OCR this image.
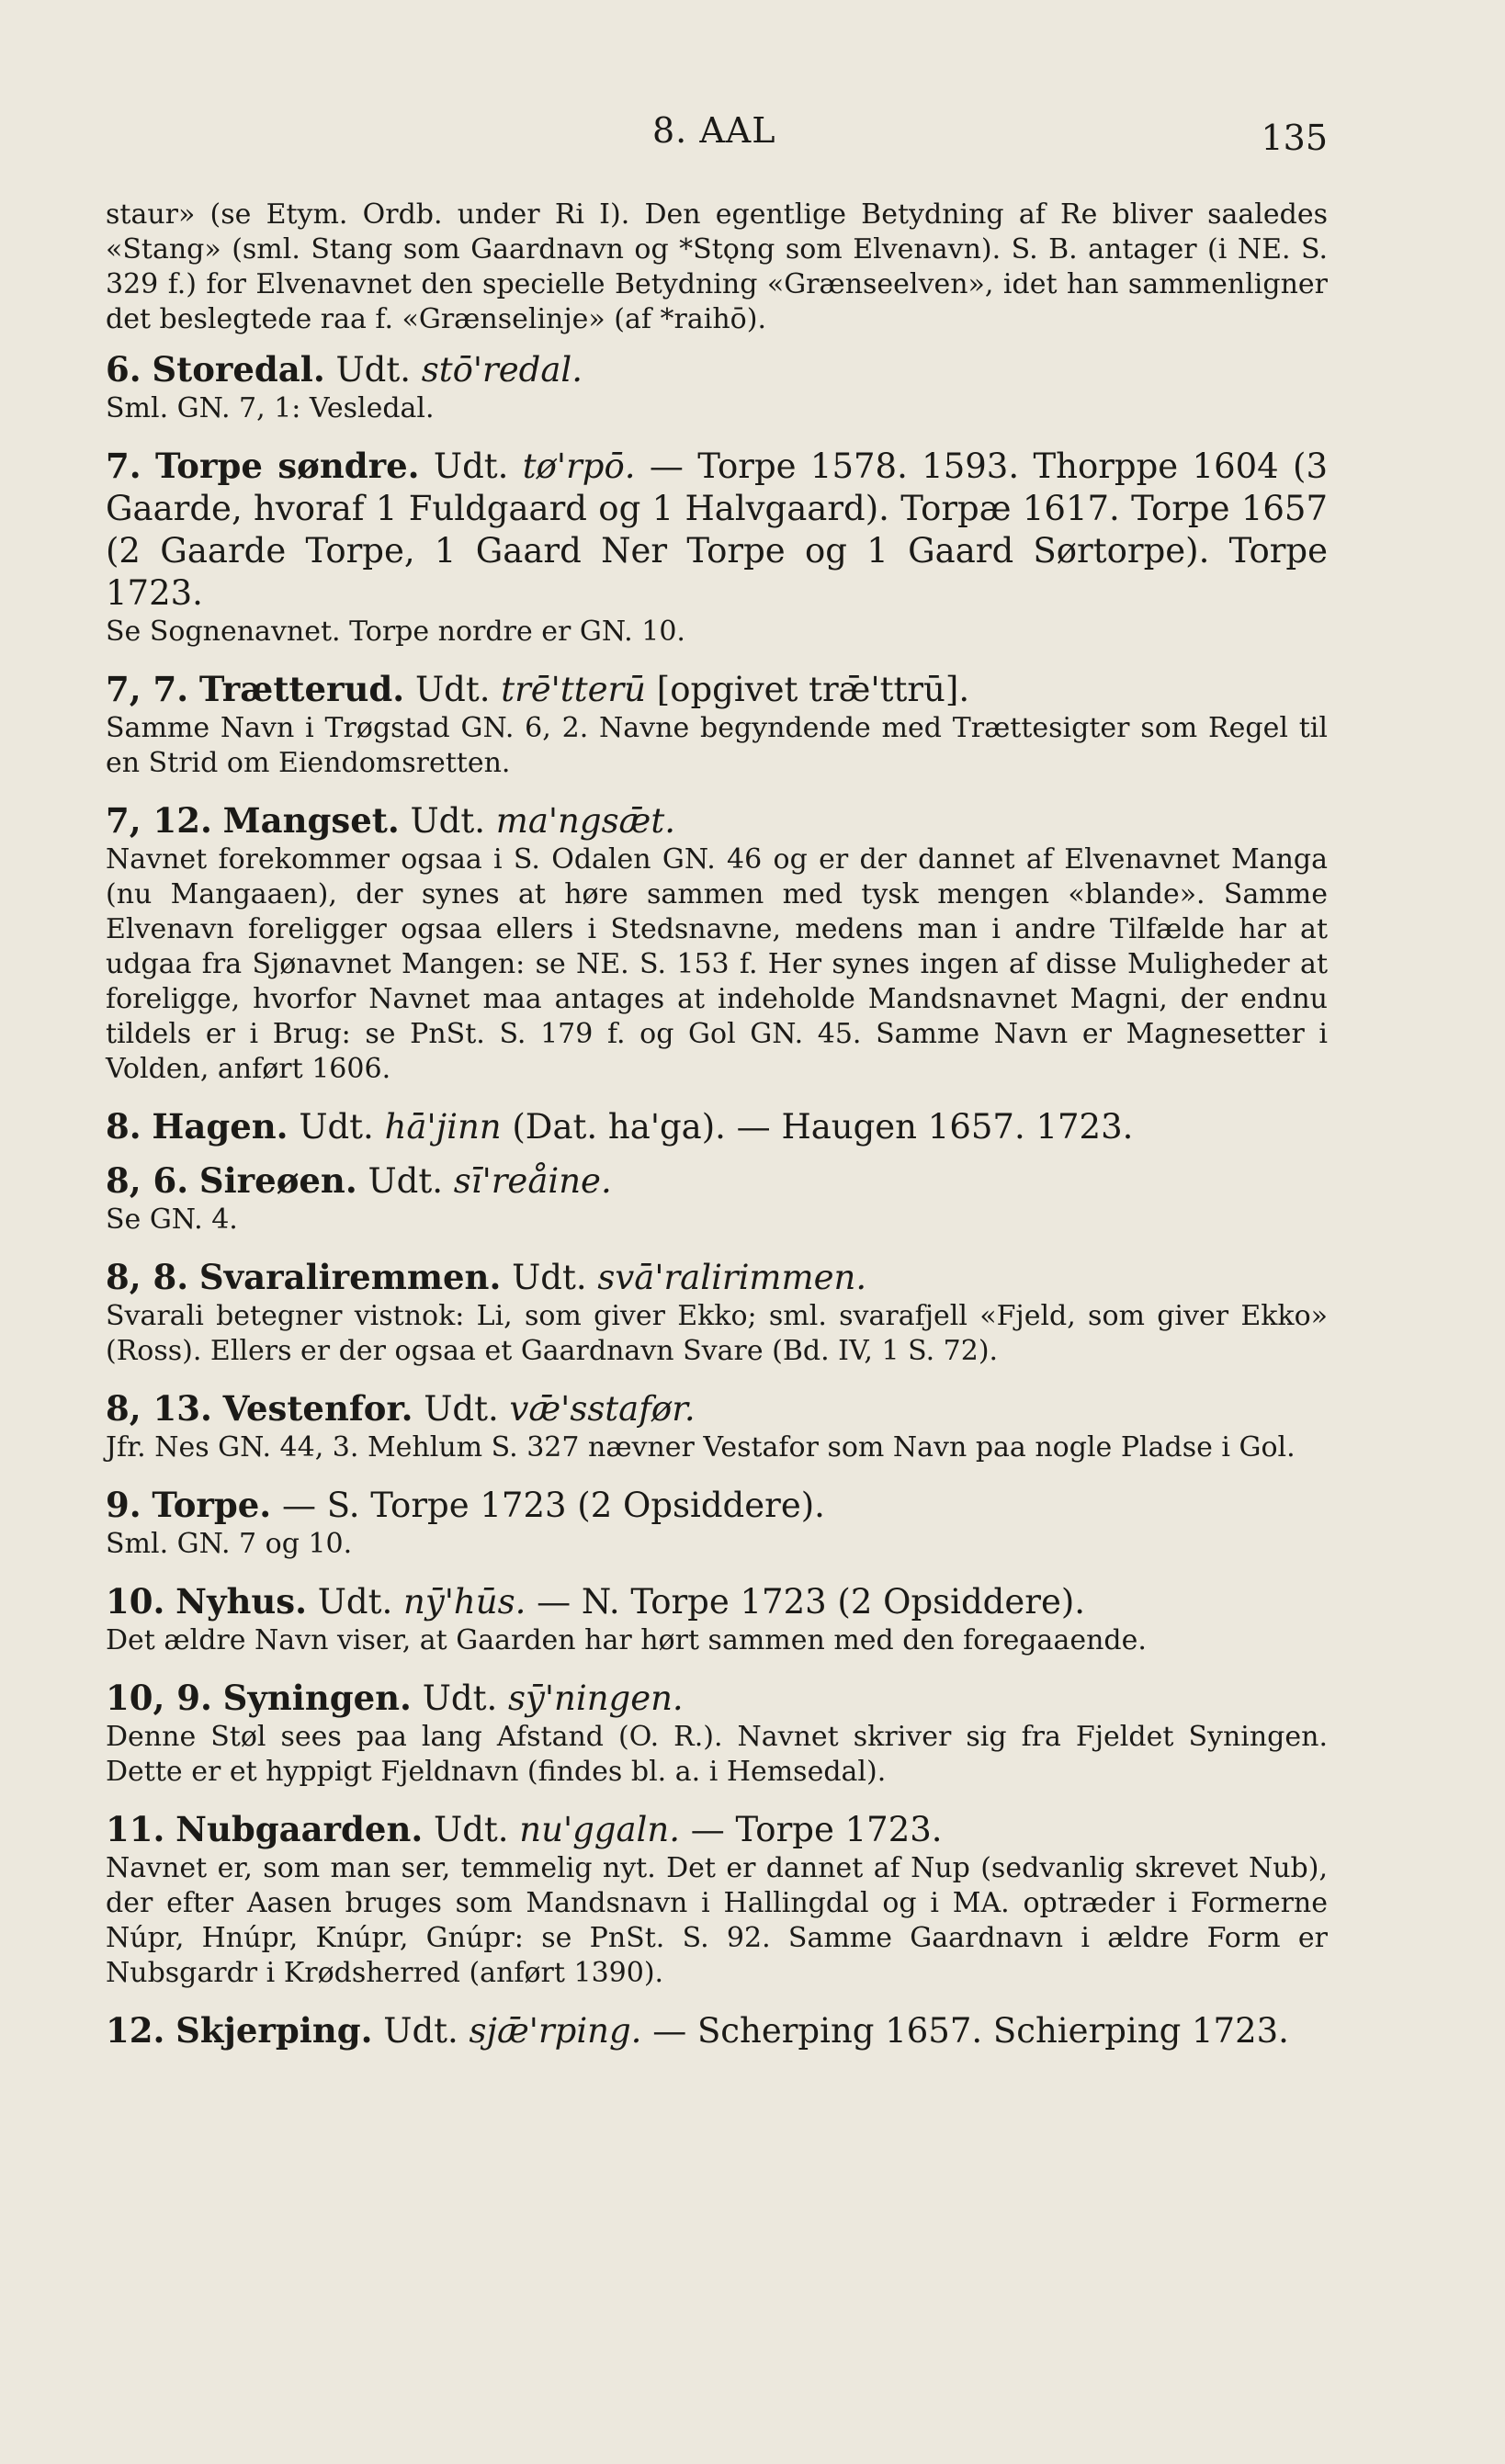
8. AAL	135

staur» (se Etym. Ordb. under Ri I). Den egentlige Betydning af Re bliver saaledes «Stang» (sml. Stang som Gaardnavn og *Stǫng som Elvenavn). S. B. antager (i NE. S. 329 f.) for Elvenavnet den specielle Betydning «Grænseelven», idet han sammenligner det beslegtede raa f. «Grænselinje» (af *raihō).

6. Storedal. Udt. stō'redal.

Sml. GN. 7, 1: Vesledal.

7. Torpe søndre. Udt. tø'rpō. — Torpe 1578. 1593. Thorppe 1604 (3 Gaarde, hvoraf 1 Fuldgaard og 1 Halvgaard). Torpæ 1617. Torpe 1657 (2 Gaarde Torpe, 1 Gaard Ner Torpe og 1 Gaard Sørtorpe). Torpe 1723.

Se Sognenavnet. Torpe nordre er GN. 10.

7, 7. Trætterud. Udt. trē'tterū [opgivet trǣ'ttrū].

Samme Navn i Trøgstad GN. 6, 2. Navne begyndende med Trættesigter som Regel til en Strid om Eiendomsretten.

7, 12. Mangset. Udt. ma'ngsǣt.

Navnet forekommer ogsaa i S. Odalen GN. 46 og er der dannet af Elvenavnet Manga (nu Mangaaen), der synes at høre sammen med tysk mengen «blande». Samme Elvenavn foreligger ogsaa ellers i Stedsnavne, medens man i andre Tilfælde har at udgaa fra Sjønavnet Mangen: se NE. S. 153 f. Her synes ingen af disse Muligheder at foreligge, hvorfor Navnet maa antages at indeholde Mandsnavnet Magni, der endnu tildels er i Brug: se PnSt. S. 179 f. og Gol GN. 45. Samme Navn er Magnesetter i Volden, anført 1606.

8. Hagen. Udt. hā'jinn (Dat. ha'ga). — Haugen 1657. 1723.

8, 6. Sireøen. Udt. sī'reåine.

Se GN. 4.

8, 8. Svaraliremmen. Udt. svā'ralirimmen.

Svarali betegner vistnok: Li, som giver Ekko; sml. svarafjell «Fjeld, som giver Ekko» (Ross). Ellers er der ogsaa et Gaardnavn Svare (Bd. IV, 1 S. 72).

8, 13. Vestenfor. Udt. vǣ'sstafør.

Jfr. Nes GN. 44, 3. Mehlum S. 327 nævner Vestafor som Navn paa nogle Pladse i Gol.

9. Torpe. — S. Torpe 1723 (2 Opsiddere).

Sml. GN. 7 og 10.

10. Nyhus. Udt. nȳ'hūs. — N. Torpe 1723 (2 Opsiddere).

Det ældre Navn viser, at Gaarden har hørt sammen med den foregaaende.

10, 9. Syningen. Udt. sȳ'ningen.

Denne Støl sees paa lang Afstand (O. R.). Navnet skriver sig fra Fjeldet Syningen. Dette er et hyppigt Fjeldnavn (findes bl. a. i Hemsedal).

11. Nubgaarden. Udt. nu'ggaln. — Torpe 1723.

Navnet er, som man ser, temmelig nyt. Det er dannet af Nup (sedvanlig skrevet Nub), der efter Aasen bruges som Mandsnavn i Hallingdal og i MA. optræder i Formerne Núpr, Hnúpr, Knúpr, Gnúpr: se PnSt. S. 92. Samme Gaardnavn i ældre Form er Nubsgardr i Krødsherred (anført 1390).

12. Skjerping. Udt. sjǣ'rping. — Scherping 1657. Schierping 1723.
